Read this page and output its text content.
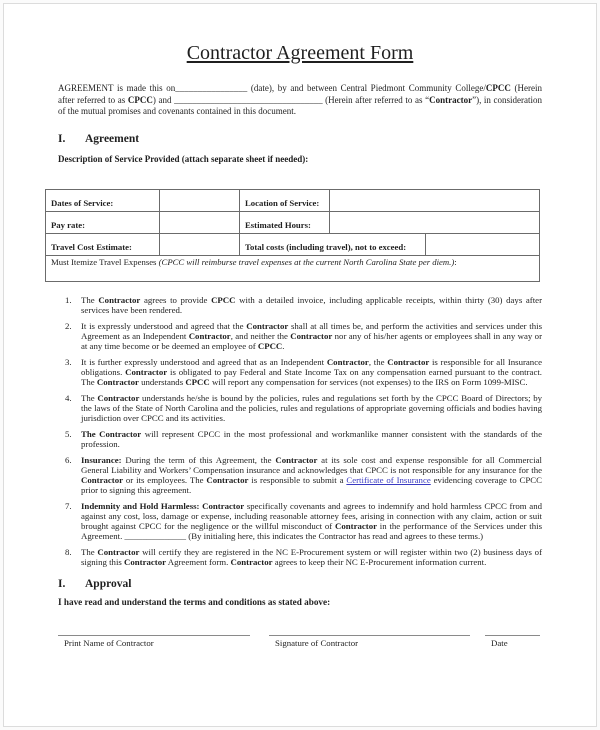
Contractor Agreement Form

AGREEMENT is made this on________________ (date), by and between Central Piedmont Community College/CPCC (Herein after referred to as CPCC) and _________________________________ (Herein after referred to as “Contractor”), in consideration of the mutual promises and covenants contained in this document.

I.	Agreement

Description of Service Provided (attach separate sheet if needed):

Dates of Service:		Location of Service:		
Pay rate:		Estimated Hours:		
Travel Cost Estimate:		Total costs (including travel), not to exceed:		
Must Itemize Travel Expenses (CPCC will reimburse travel expenses at the current North Carolina State per diem.):				
1.	The Contractor agrees to provide CPCC with a detailed invoice, including applicable receipts, within thirty (30) days after services have been rendered.
2.	It is expressly understood and agreed that the Contractor shall at all times be, and perform the activities and services under this Agreement as an Independent Contractor, and neither the Contractor nor any of his/her agents or employees shall in any way or at any time become or be deemed an employee of CPCC.
3.	It is further expressly understood and agreed that as an Independent Contractor, the Contractor is responsible for all Insurance obligations. Contractor is obligated to pay Federal and State Income Tax on any compensation earned pursuant to the contract. The Contractor understands CPCC will report any compensation for services (not expenses) to the IRS on Form 1099-MISC.
4.	The Contractor understands he/she is bound by the policies, rules and regulations set forth by the CPCC Board of Directors; by the laws of the State of North Carolina and the policies, rules and regulations of appropriate governing officials and bodies having jurisdiction over CPCC and its activities.
5.	The Contractor will represent CPCC in the most professional and workmanlike manner consistent with the standards of the profession.
6.	Insurance: During the term of this Agreement, the Contractor at its sole cost and expense responsible for all Commercial General Liability and Workers’ Compensation insurance and acknowledges that CPCC is not responsible for any insurance for the Contractor or its employees. The Contractor is responsible to submit a Certificate of Insurance evidencing coverage to CPCC prior to signing this agreement.
7.	Indemnity and Hold Harmless: Contractor specifically covenants and agrees to indemnify and hold harmless CPCC from and against any cost, loss, damage or expense, including reasonable attorney fees, arising in connection with any claim, action or suit brought against CPCC for the negligence or the willful misconduct of Contractor in the performance of the Services under this Agreement. ______________ (By initialing here, this indicates the Contractor has read and agrees to these terms.)
8.	The Contractor will certify they are registered in the NC E-Procurement system or will register within two (2) business days of signing this Contractor Agreement form. Contractor agrees to keep their NC E-Procurement information current.
I.	Approval

I have read and understand the terms and conditions as stated above:

Print Name of Contractor	Signature of Contractor	Date
